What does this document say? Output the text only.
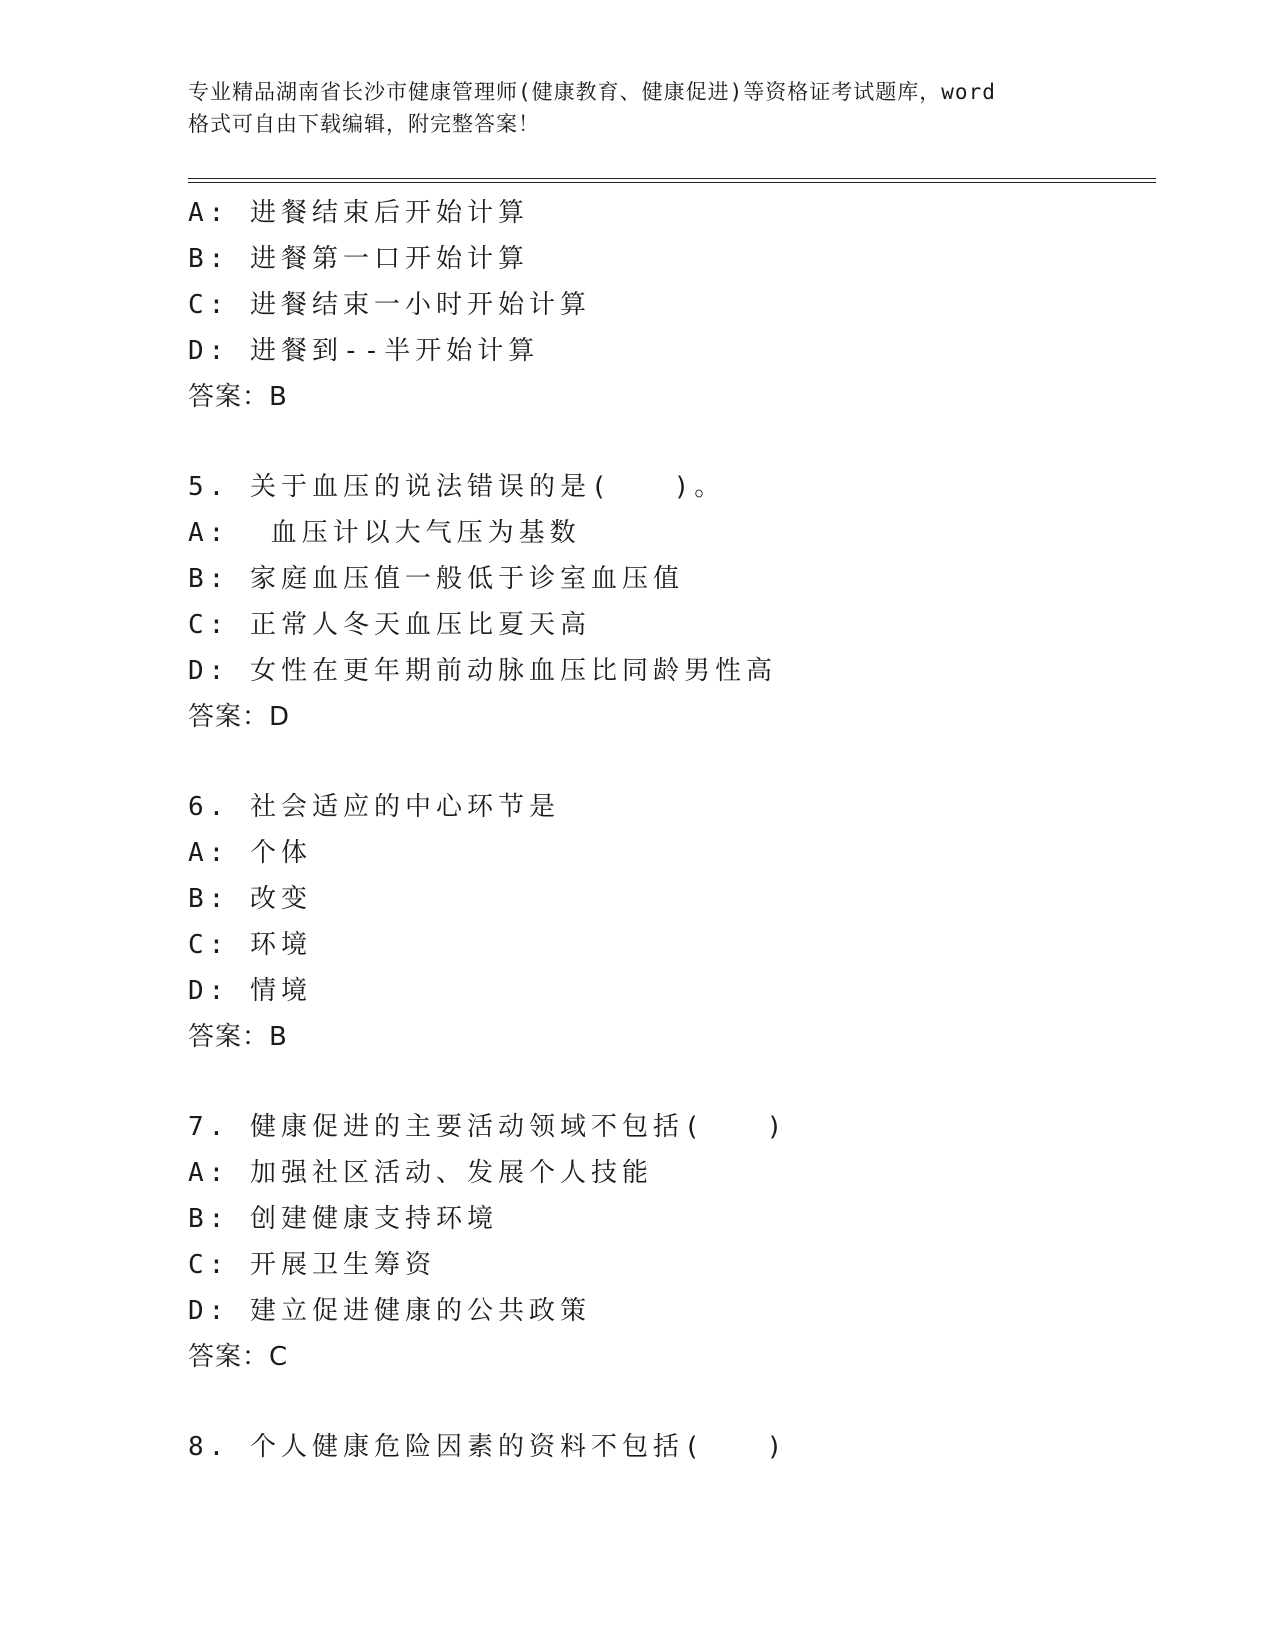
专业精品湖南省长沙市健康管理师(健康教育、健康促进)等资格证考试题库，word
格式可自由下载编辑，附完整答案！
A: 进餐结束后开始计算
B: 进餐第一口开始计算
C: 进餐结束一小时开始计算
D: 进餐到--半开始计算
答案：B
5. 关于血压的说法错误的是(   )。
A:  血压计以大气压为基数
B: 家庭血压值一般低于诊室血压值
C: 正常人冬天血压比夏天高
D: 女性在更年期前动脉血压比同龄男性高
答案：D
6. 社会适应的中心环节是
A: 个体
B: 改变
C: 环境
D: 情境
答案：B
7. 健康促进的主要活动领域不包括(   )
A: 加强社区活动、发展个人技能
B: 创建健康支持环境
C: 开展卫生筹资
D: 建立促进健康的公共政策
答案：C
8. 个人健康危险因素的资料不包括(   )
